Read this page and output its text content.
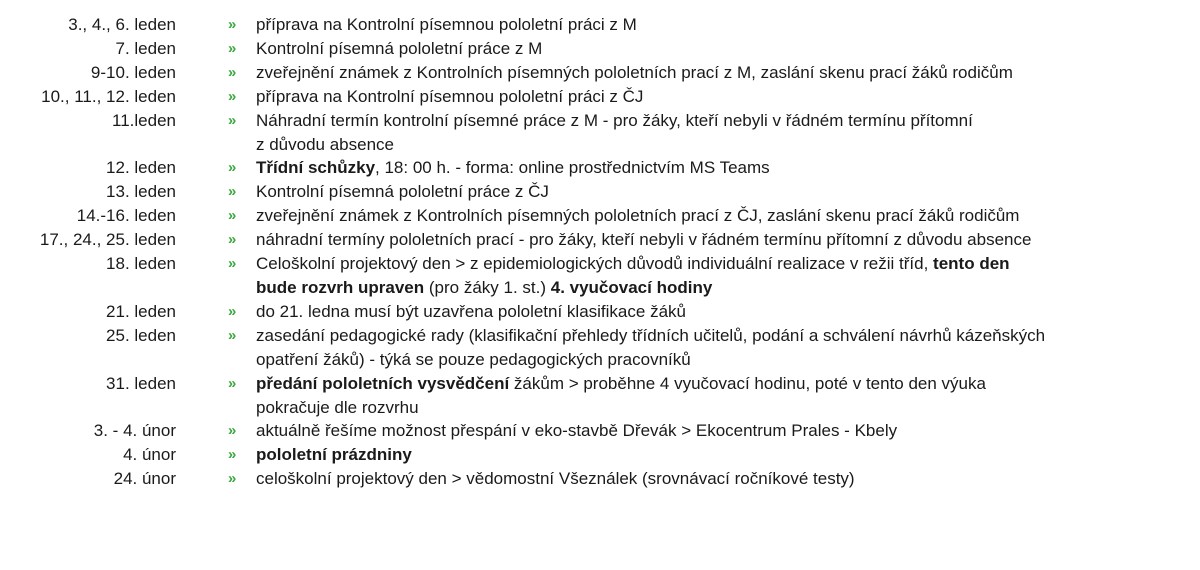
3., 4., 6. leden	»	příprava na Kontrolní písemnou pololetní práci z M
7. leden	»	Kontrolní písemná pololetní práce z M
9-10. leden	»	zveřejnění známek z Kontrolních písemných pololetních prací z M, zaslání skenu prací žáků rodičům
10., 11., 12. leden	»	příprava na Kontrolní písemnou pololetní práci z ČJ
11.leden	»	Náhradní termín kontrolní písemné práce z M - pro žáky, kteří nebyli v řádném termínu přítomní
z důvodu absence
12. leden	»	Třídní schůzky, 18: 00 h. - forma: online prostřednictvím MS Teams
13. leden	»	Kontrolní písemná pololetní práce z ČJ
14.-16. leden	»	zveřejnění známek z Kontrolních písemných pololetních prací z ČJ, zaslání skenu prací žáků rodičům
17., 24., 25. leden	»	náhradní termíny pololetních prací - pro žáky, kteří nebyli v řádném termínu přítomní z důvodu absence
18. leden	»	Celoškolní projektový den > z epidemiologických důvodů individuální realizace v režii tříd, tento den
bude rozvrh upraven (pro žáky 1. st.) 4. vyučovací hodiny
21. leden	»	do 21. ledna musí být uzavřena pololetní klasifikace žáků
25. leden	»	zasedání pedagogické rady (klasifikační přehledy třídních učitelů, podání a schválení návrhů kázeňských
opatření žáků) - týká se pouze pedagogických pracovníků
31. leden	»	předání pololetních vysvědčení žákům > proběhne 4 vyučovací hodinu, poté v tento den výuka
pokračuje dle rozvrhu
3. - 4. únor	»	aktuálně řešíme možnost přespání v eko-stavbě Dřevák > Ekocentrum Prales - Kbely
4. únor	»	pololetní prázdniny
24. únor	»	celoškolní projektový den > vědomostní Všeználek (srovnávací ročníkové testy)
